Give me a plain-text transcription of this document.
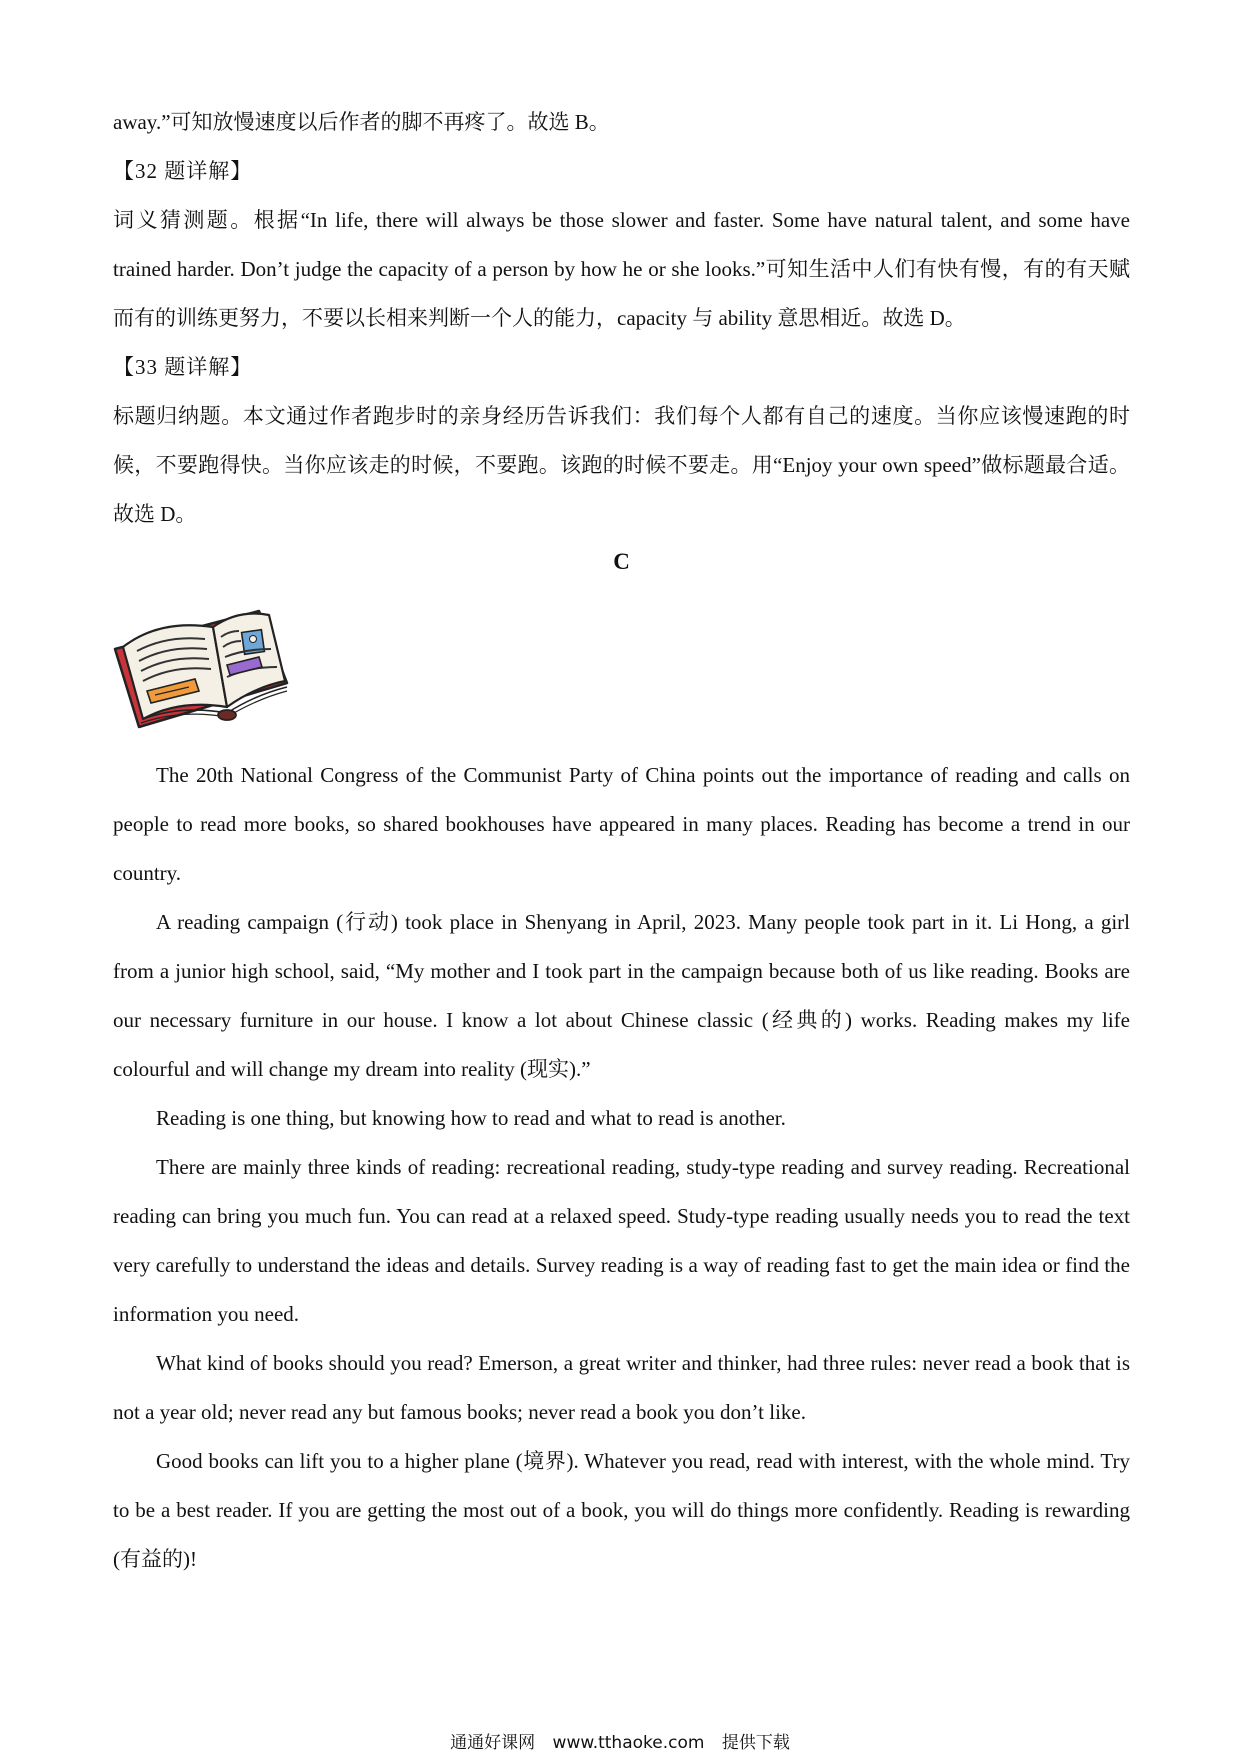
away.”可知放慢速度以后作者的脚不再疼了。故选 B。

【32 题详解】

词义猜测题。根据“In life, there will always be those slower and faster. Some have natural talent, and some have trained harder. Don’t judge the capacity of a person by how he or she looks.”可知生活中人们有快有慢，有的有天赋而有的训练更努力，不要以长相来判断一个人的能力，capacity 与 ability 意思相近。故选 D。

【33 题详解】

标题归纳题。本文通过作者跑步时的亲身经历告诉我们：我们每个人都有自己的速度。当你应该慢速跑的时候，不要跑得快。当你应该走的时候，不要跑。该跑的时候不要走。用“Enjoy your own speed”做标题最合适。故选 D。

C

The 20th National Congress of the Communist Party of China points out the importance of reading and calls on people to read more books, so shared bookhouses have appeared in many places. Reading has become a trend in our country.

A reading campaign (行动) took place in Shenyang in April, 2023. Many people took part in it. Li Hong, a girl from a junior high school, said, “My mother and I took part in the campaign because both of us like reading. Books are our necessary furniture in our house. I know a lot about Chinese classic (经典的) works. Reading makes my life colourful and will change my dream into reality (现实).”

Reading is one thing, but knowing how to read and what to read is another.

There are mainly three kinds of reading: recreational reading, study-type reading and survey reading. Recreational reading can bring you much fun. You can read at a relaxed speed. Study-type reading usually needs you to read the text very carefully to understand the ideas and details. Survey reading is a way of reading fast to get the main idea or find the information you need.

What kind of books should you read? Emerson, a great writer and thinker, had three rules: never read a book that is not a year old; never read any but famous books; never read a book you don’t like.

Good books can lift you to a higher plane (境界). Whatever you read, read with interest, with the whole mind. Try to be a best reader. If you are getting the most out of a book, you will do things more confidently. Reading is rewarding (有益的)!

通通好课网 www.tthaoke.com 提供下载
